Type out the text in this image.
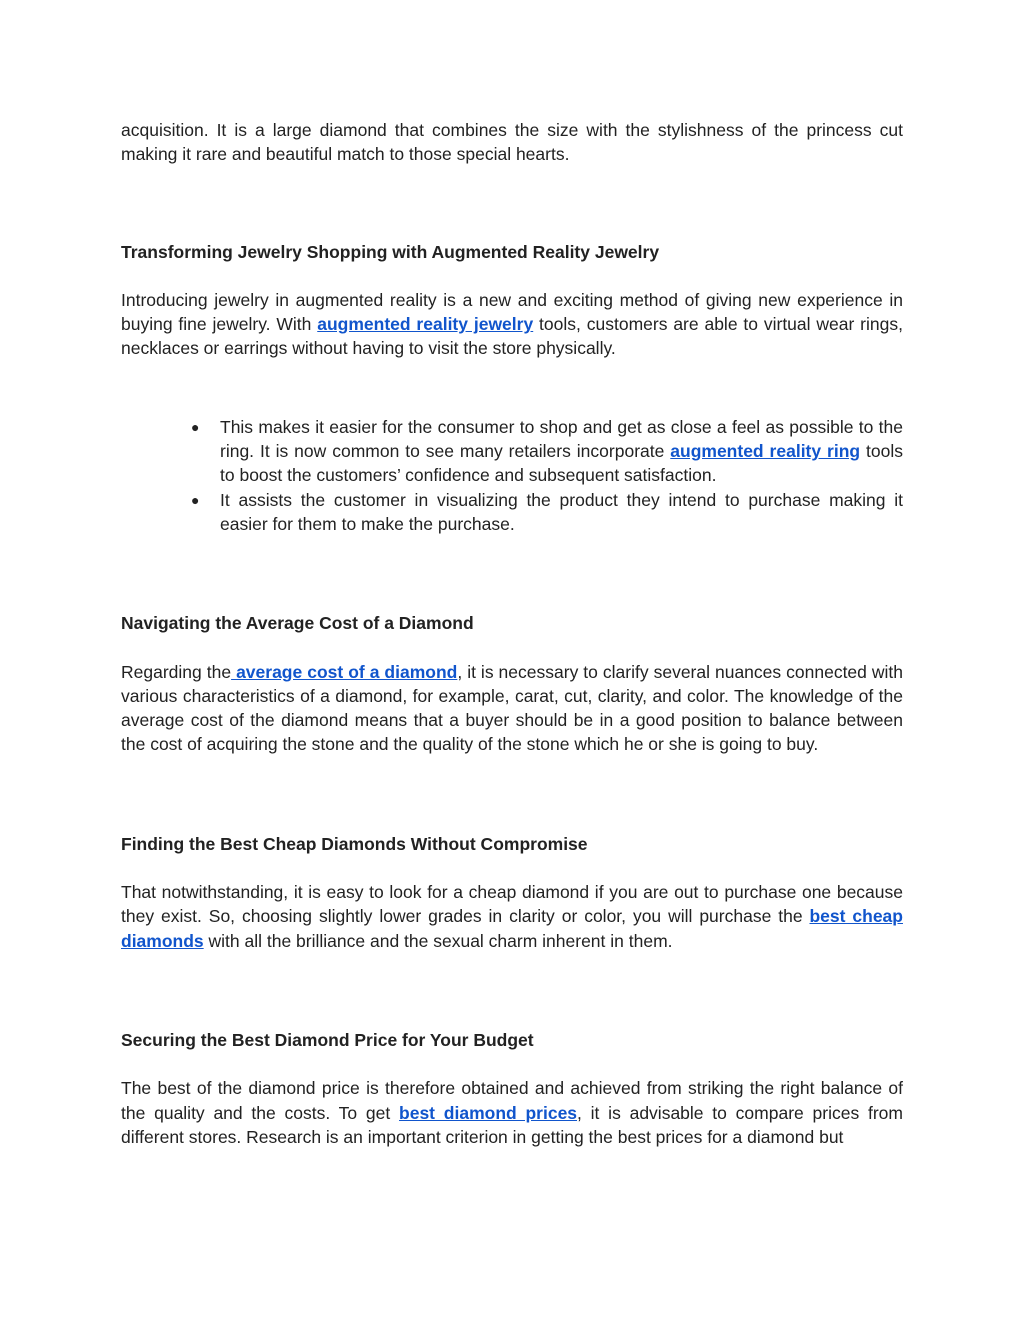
acquisition. It is a large diamond that combines the size with the stylishness of the princess cut making it rare and beautiful match to those special hearts.

Transforming Jewelry Shopping with Augmented Reality Jewelry

Introducing jewelry in augmented reality is a new and exciting method of giving new experience in buying fine jewelry. With augmented reality jewelry tools, customers are able to virtual wear rings, necklaces or earrings without having to visit the store physically.

● This makes it easier for the consumer to shop and get as close a feel as possible to the ring. It is now common to see many retailers incorporate augmented reality ring tools to boost the customers’ confidence and subsequent satisfaction.
● It assists the customer in visualizing the product they intend to purchase making it easier for them to make the purchase.
Navigating the Average Cost of a Diamond

Regarding the average cost of a diamond, it is necessary to clarify several nuances connected with various characteristics of a diamond, for example, carat, cut, clarity, and color. The knowledge of the average cost of the diamond means that a buyer should be in a good position to balance between the cost of acquiring the stone and the quality of the stone which he or she is going to buy.

Finding the Best Cheap Diamonds Without Compromise

That notwithstanding, it is easy to look for a cheap diamond if you are out to purchase one because they exist. So, choosing slightly lower grades in clarity or color, you will purchase the best cheap diamonds with all the brilliance and the sexual charm inherent in them.

Securing the Best Diamond Price for Your Budget

The best of the diamond price is therefore obtained and achieved from striking the right balance of the quality and the costs. To get best diamond prices, it is advisable to compare prices from different stores. Research is an important criterion in getting the best prices for a diamond but
